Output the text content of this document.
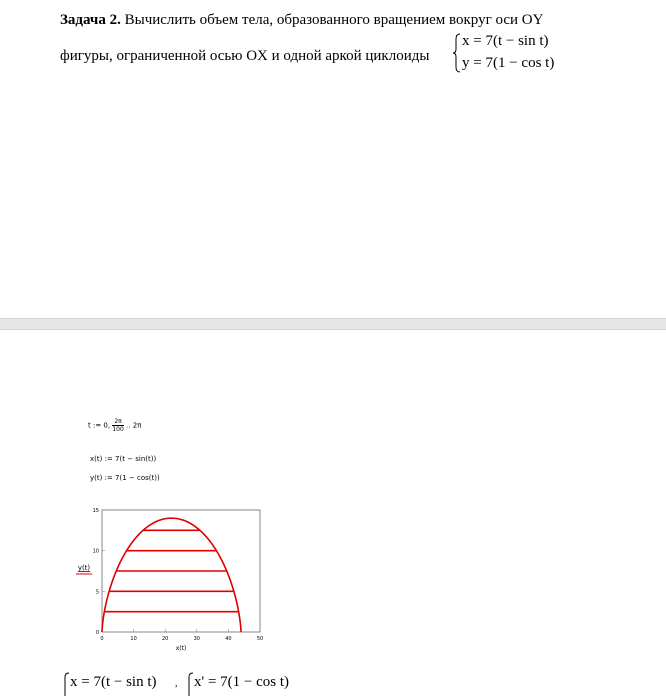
Задача 2. Вычислить объем тела, образованного вращением вокруг оси OY
фигуры, ограниченной осью OX и одной аркой циклоиды
x = 7(t − sin t)
y = 7(1 − cos t)
t := 0, $\frac{2\pi}{100}$ .. 2π
x(t) := 7(t − sin(t))
y(t) := 7(1 − cos(t))
0	10	20	30	40	50
0
5
10
15
x(t)
y(t)
x = 7(t − sin t) , x' = 7(1 − cos t)
